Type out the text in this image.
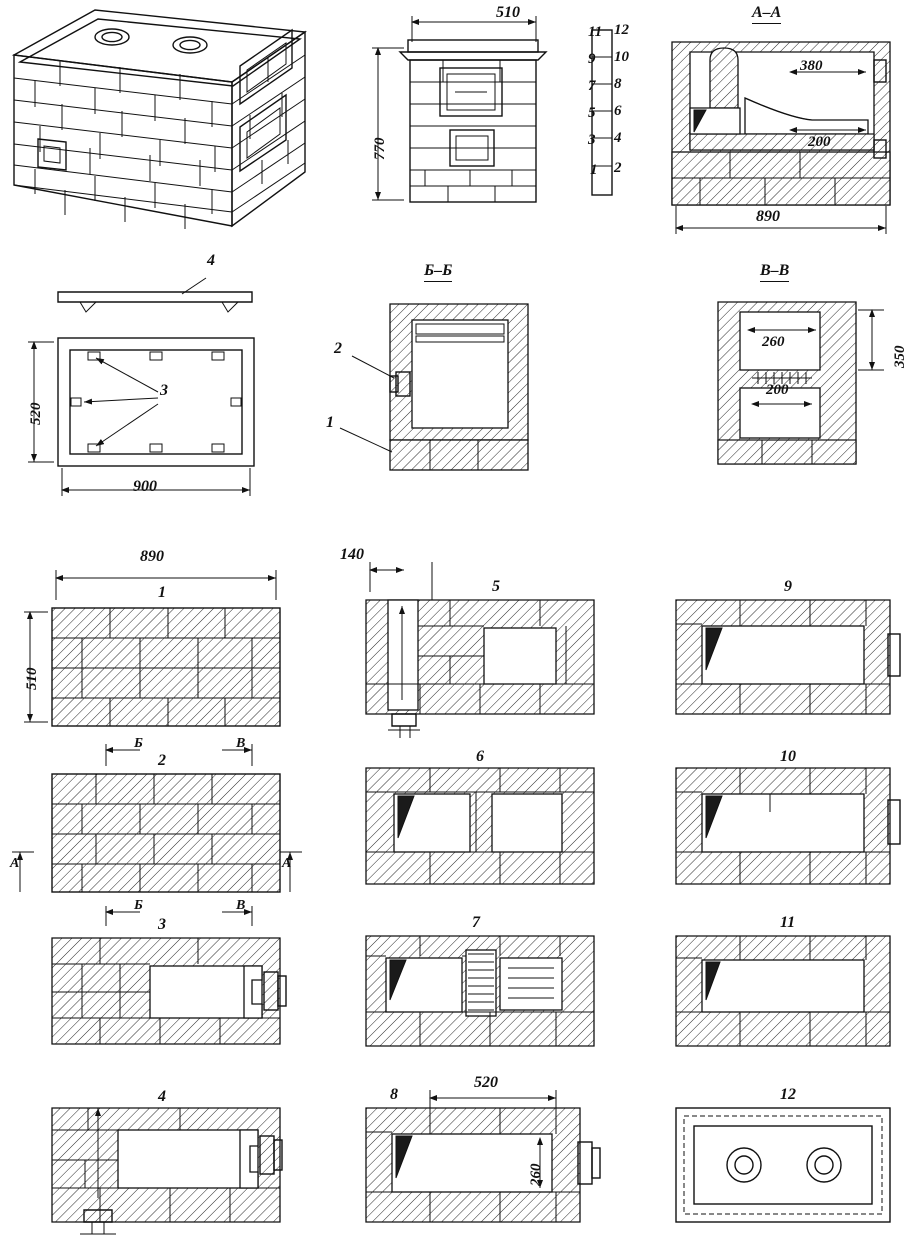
510
770
А–А
380
200
890
11 12
9 10
7 8
5 6
3 4
1 2
4
3
520
900
Б–Б
2
1
В–В
260
200
350
890
1
510
Б	В
2
Б	В
А	А
3
4
140
5
6
7
8
520
260
9
10
11
12
